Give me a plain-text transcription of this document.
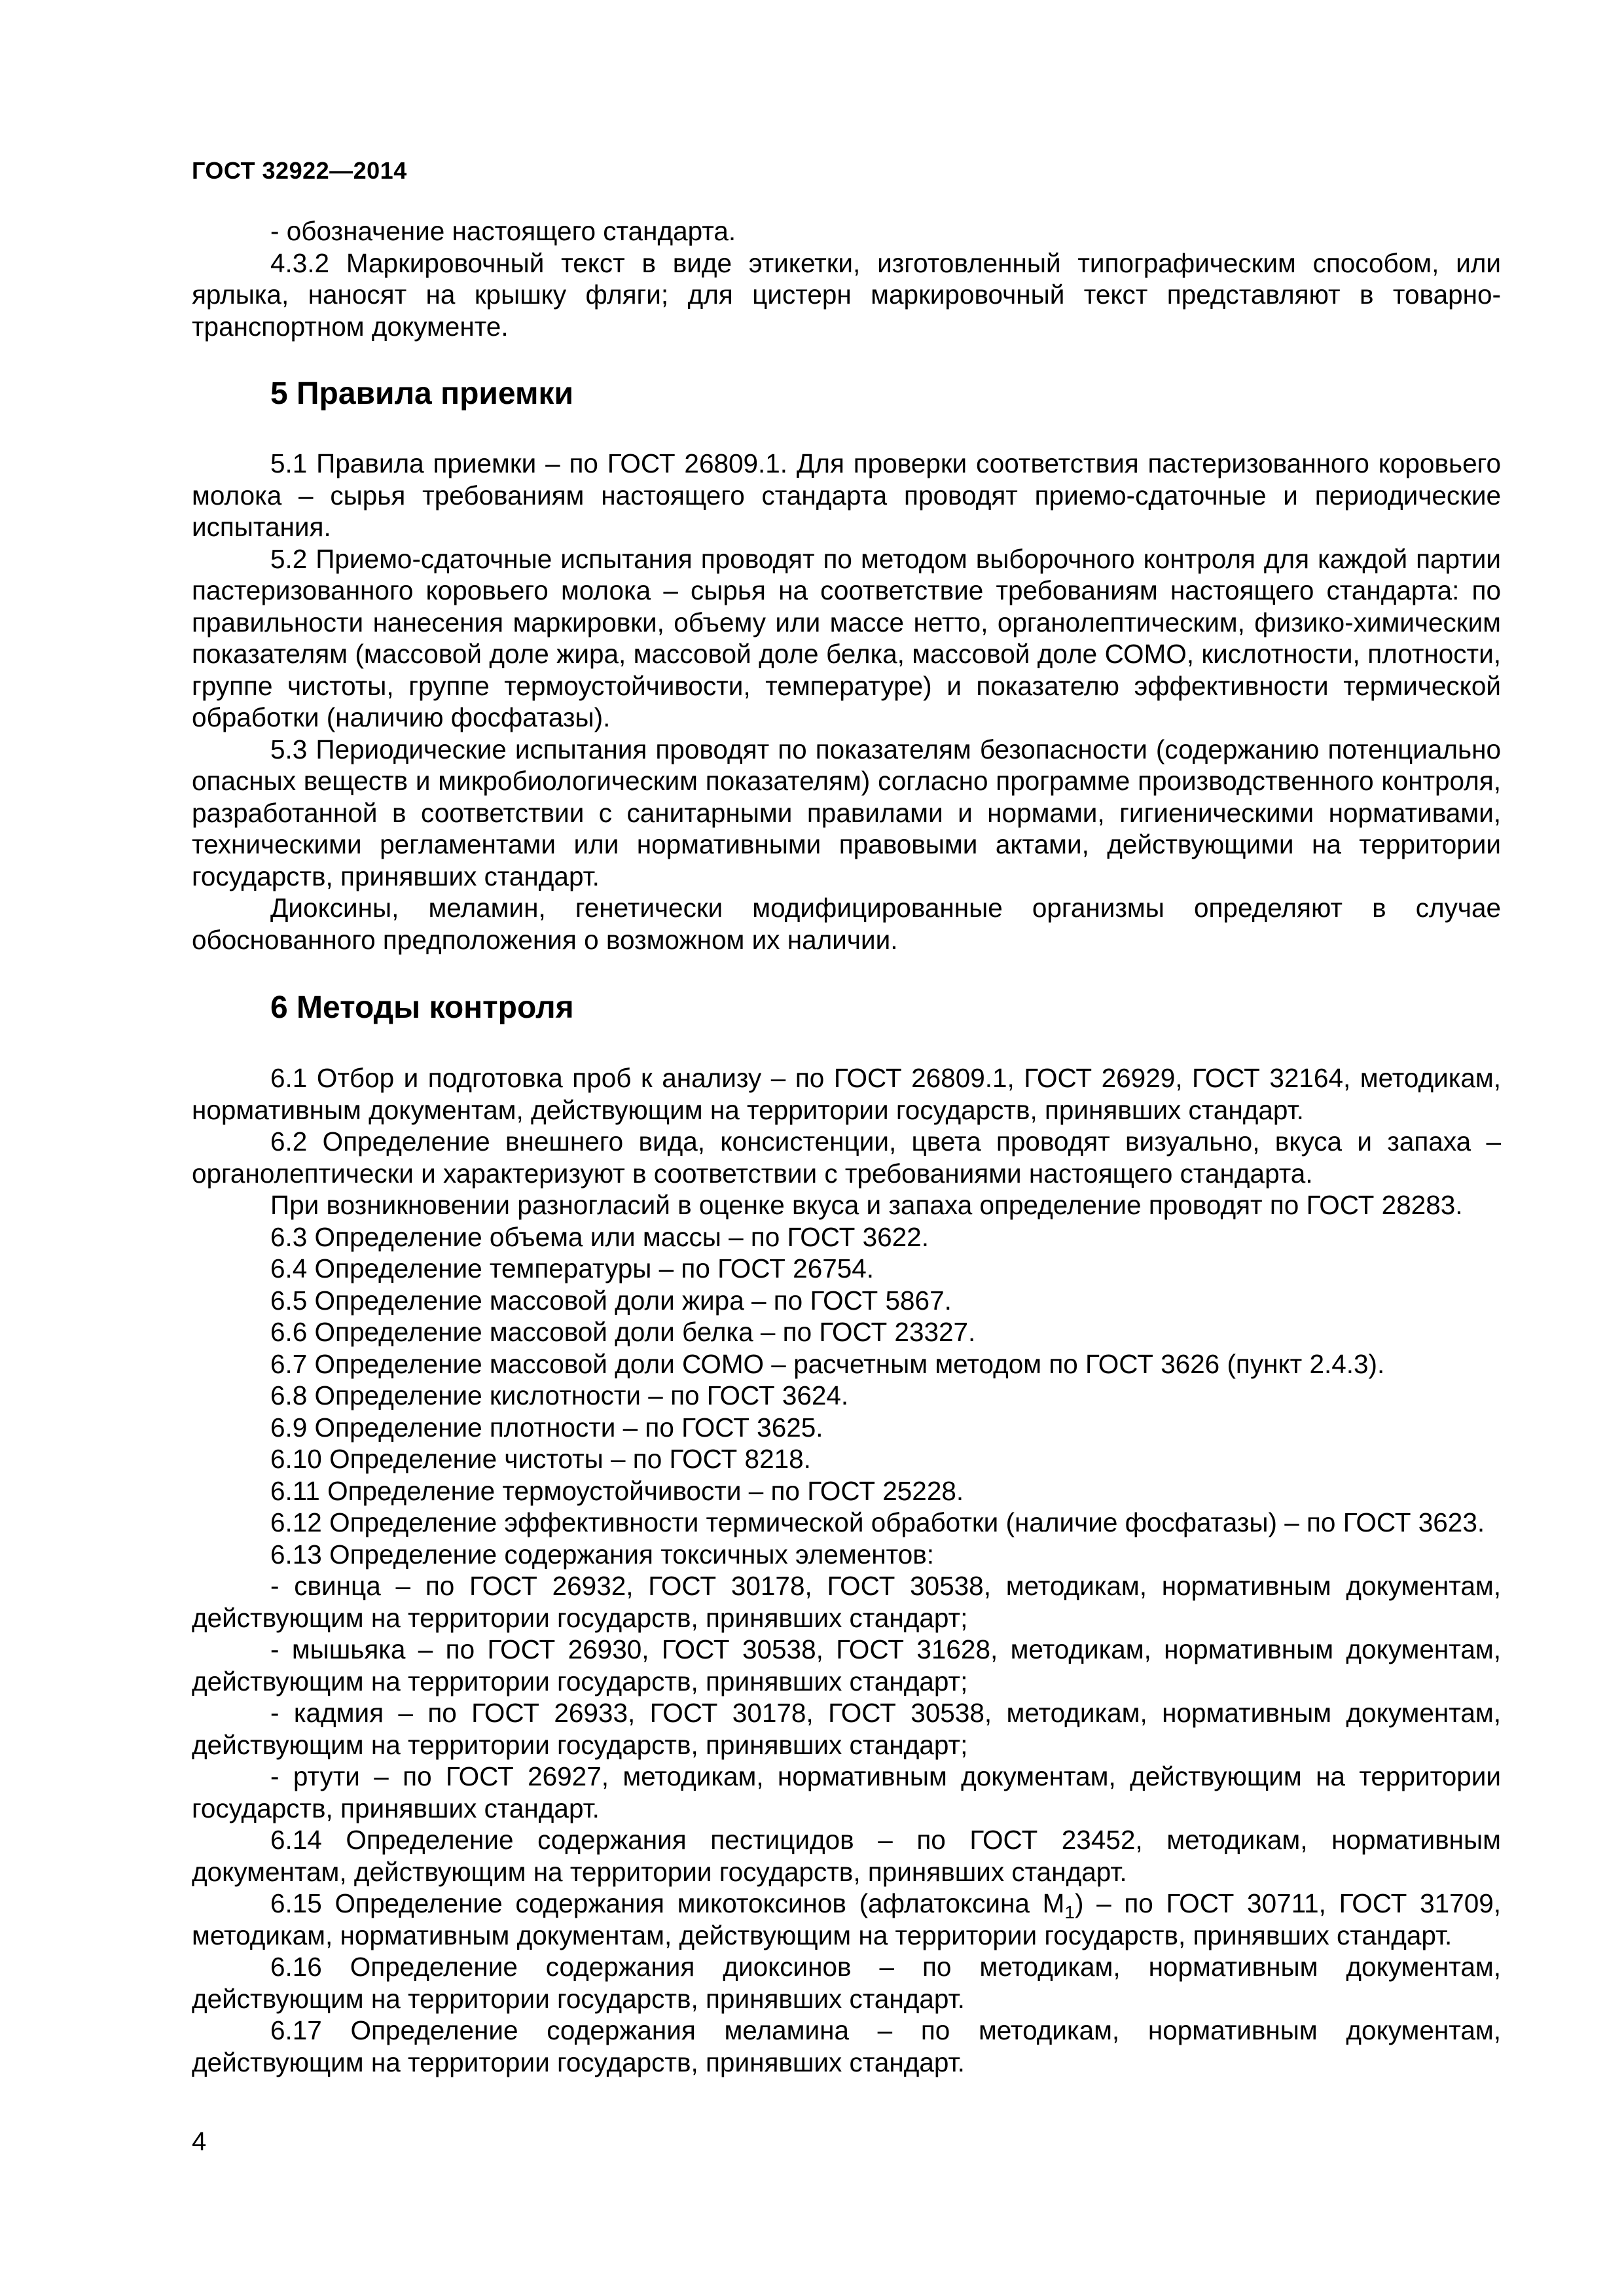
ГОСТ 32922—2014

- обозначение настоящего стандарта.

4.3.2 Маркировочный текст в виде этикетки, изготовленный типографическим способом, или ярлыка, наносят на крышку фляги; для цистерн маркировочный текст представляют в товарно-транспортном документе.

5 Правила приемки

5.1 Правила приемки – по ГОСТ 26809.1. Для проверки соответствия пастеризованного коровьего молока – сырья требованиям настоящего стандарта проводят приемо-сдаточные и периодические испытания.

5.2 Приемо-сдаточные испытания проводят по методом выборочного контроля для каждой партии пастеризованного коровьего молока – сырья на соответствие требованиям настоящего стандарта: по правильности нанесения маркировки, объему или массе нетто, органолептическим, физико-химическим показателям (массовой доле жира, массовой доле белка, массовой доле СОМО, кислотности, плотности, группе чистоты, группе термоустойчивости, температуре) и показателю эффективности термической обработки (наличию фосфатазы).

5.3 Периодические испытания проводят по показателям безопасности (содержанию потенциально опасных веществ и микробиологическим показателям) согласно программе производственного контроля, разработанной в соответствии с санитарными правилами и нормами, гигиеническими нормативами, техническими регламентами или нормативными правовыми актами, действующими на территории государств, принявших стандарт.

Диоксины, меламин, генетически модифицированные организмы определяют в случае обоснованного предположения о возможном их наличии.

6 Методы контроля

6.1 Отбор и подготовка проб к анализу – по ГОСТ 26809.1, ГОСТ 26929, ГОСТ 32164, методикам, нормативным документам, действующим на территории государств, принявших стандарт.

6.2 Определение внешнего вида, консистенции, цвета проводят визуально, вкуса и запаха – органолептически и характеризуют в соответствии с требованиями настоящего стандарта.

При возникновении разногласий в оценке вкуса и запаха определение проводят по ГОСТ 28283.

6.3 Определение объема или массы – по ГОСТ 3622.

6.4 Определение температуры – по ГОСТ 26754.

6.5 Определение массовой доли жира – по ГОСТ 5867.

6.6 Определение массовой доли белка – по ГОСТ 23327.

6.7 Определение массовой доли СОМО – расчетным методом по ГОСТ 3626 (пункт 2.4.3).

6.8 Определение кислотности – по ГОСТ 3624.

6.9 Определение плотности – по ГОСТ 3625.

6.10 Определение чистоты – по ГОСТ 8218.

6.11 Определение термоустойчивости – по ГОСТ 25228.

6.12 Определение эффективности термической обработки (наличие фосфатазы) – по ГОСТ 3623.

6.13 Определение содержания токсичных элементов:

- свинца – по ГОСТ 26932, ГОСТ 30178, ГОСТ 30538, методикам, нормативным документам, действующим на территории государств, принявших стандарт;

- мышьяка – по ГОСТ 26930, ГОСТ 30538, ГОСТ 31628, методикам, нормативным документам, действующим на территории государств, принявших стандарт;

- кадмия – по ГОСТ 26933, ГОСТ 30178, ГОСТ 30538, методикам, нормативным документам, действующим на территории государств, принявших стандарт;

- ртути – по ГОСТ 26927, методикам, нормативным документам, действующим на территории государств, принявших стандарт.

6.14 Определение содержания пестицидов – по ГОСТ 23452, методикам, нормативным документам, действующим на территории государств, принявших стандарт.

6.15 Определение содержания микотоксинов (афлатоксина $M_1$) – по ГОСТ 30711, ГОСТ 31709, методикам, нормативным документам, действующим на территории государств, принявших стандарт.

6.16 Определение содержания диоксинов – по методикам, нормативным документам, действующим на территории государств, принявших стандарт.

6.17 Определение содержания меламина – по методикам, нормативным документам, действующим на территории государств, принявших стандарт.

4
